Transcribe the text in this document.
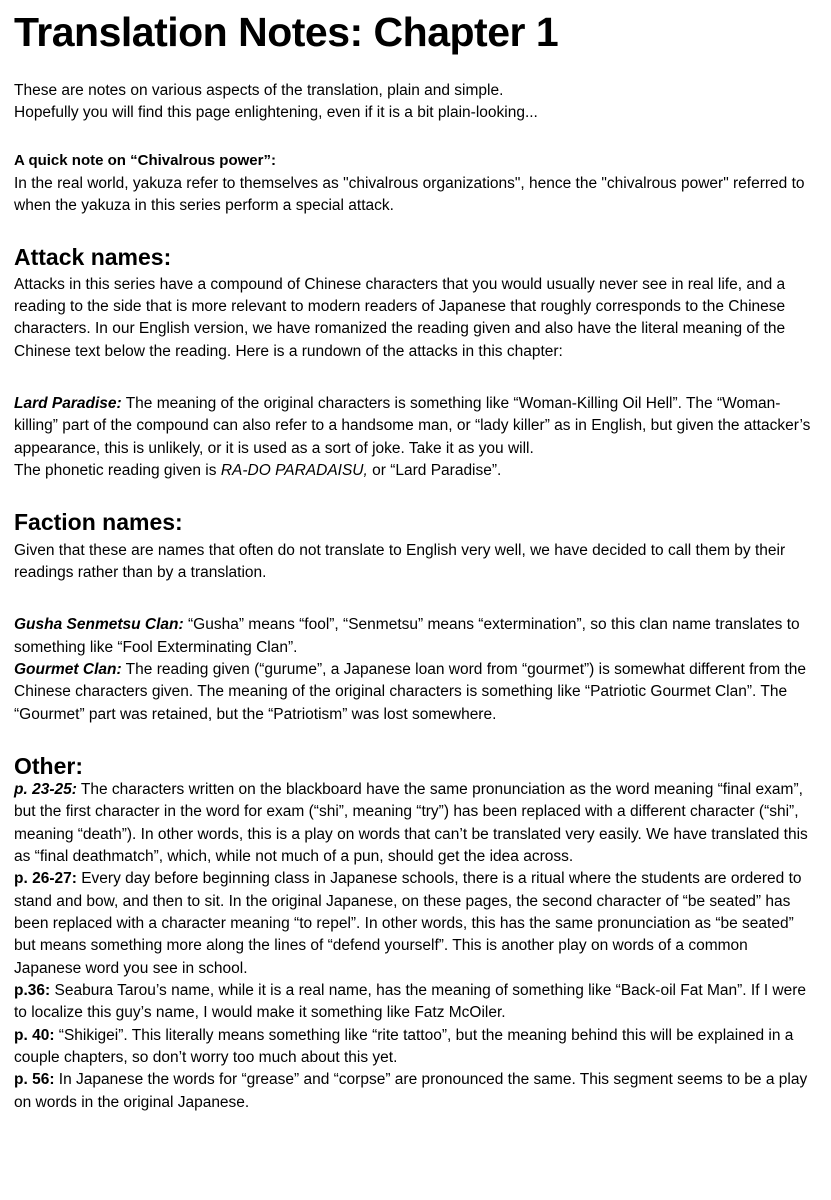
Translation Notes: Chapter 1
These are notes on various aspects of the translation, plain and simple.
Hopefully you will find this page enlightening, even if it is a bit plain-looking...
A quick note on “Chivalrous power”:
In the real world, yakuza refer to themselves as "chivalrous organizations", hence the "chivalrous power" referred to when the yakuza in this series perform a special attack.
Attack names:
Attacks in this series have a compound of Chinese characters that you would usually never see in real life, and a reading to the side that is more relevant to modern readers of Japanese that roughly corresponds to the Chinese characters. In our English version, we have romanized the reading given and also have the literal meaning of the Chinese text below the reading. Here is a rundown of the attacks in this chapter:
Lard Paradise: The meaning of the original characters is something like “Woman-Killing Oil Hell”. The “Woman-killing” part of the compound can also refer to a handsome man, or “lady killer” as in English, but given the attacker’s appearance, this is unlikely, or it is used as a sort of joke. Take it as you will.
The phonetic reading given is RA-DO PARADAISU, or “Lard Paradise”.
Faction names:
Given that these are names that often do not translate to English very well, we have decided to call them by their readings rather than by a translation.
Gusha Senmetsu Clan: “Gusha” means “fool”, “Senmetsu” means “extermination”, so this clan name translates to something like “Fool Exterminating Clan”.
Gourmet Clan: The reading given (“gurume”, a Japanese loan word from “gourmet”) is somewhat different from the Chinese characters given. The meaning of the original characters is something like “Patriotic Gourmet Clan”. The “Gourmet” part was retained, but the “Patriotism” was lost somewhere.
Other:
p. 23-25: The characters written on the blackboard have the same pronunciation as the word meaning “final exam”, but the first character in the word for exam (“shi”, meaning “try”) has been replaced with a different character (“shi”, meaning “death”). In other words, this is a play on words that can’t be translated very easily. We have translated this as “final deathmatch”, which, while not much of a pun, should get the idea across.
p. 26-27: Every day before beginning class in Japanese schools, there is a ritual where the students are ordered to stand and bow, and then to sit. In the original Japanese, on these pages, the second character of “be seated” has been replaced with a character meaning “to repel”. In other words, this has the same pronunciation as “be seated” but means something more along the lines of “defend yourself”. This is another play on words of a common Japanese word you see in school.
p.36: Seabura Tarou’s name, while it is a real name, has the meaning of something like “Back-oil Fat Man”. If I were to localize this guy’s name, I would make it something like Fatz McOiler.
p. 40: “Shikigei”. This literally means something like “rite tattoo”, but the meaning behind this will be explained in a couple chapters, so don’t worry too much about this yet.
p. 56: In Japanese the words for “grease” and “corpse” are pronounced the same. This segment seems to be a play on words in the original Japanese.
